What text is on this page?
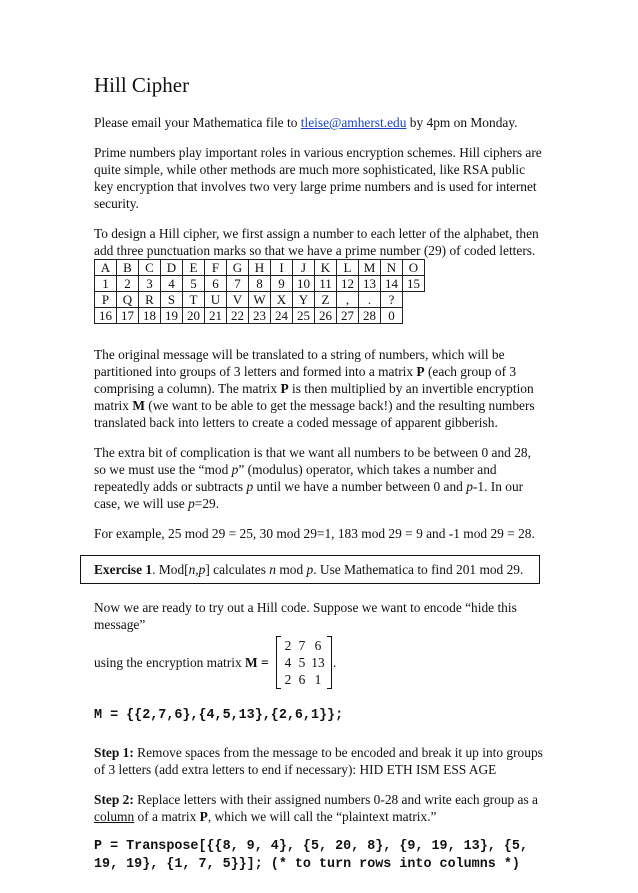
Hill Cipher
Please email your Mathematica file to tleise@amherst.edu by 4pm on Monday.
Prime numbers play important roles in various encryption schemes. Hill ciphers are quite simple, while other methods are much more sophisticated, like RSA public key encryption that involves two very large prime numbers and is used for internet security.
To design a Hill cipher, we first assign a number to each letter of the alphabet, then add three punctuation marks so that we have a prime number (29) of coded letters.
A	B	C	D	E	F	G	H	I	J	K	L	M	N	O
1	2	3	4	5	6	7	8	9	10	11	12	13	14	15
P	Q	R	S	T	U	V	W	X	Y	Z	,	.	?	
16	17	18	19	20	21	22	23	24	25	26	27	28	0	
The original message will be translated to a string of numbers, which will be partitioned into groups of 3 letters and formed into a matrix P (each group of 3 comprising a column). The matrix P is then multiplied by an invertible encryption matrix M (we want to be able to get the message back!) and the resulting numbers translated back into letters to create a coded message of apparent gibberish.
The extra bit of complication is that we want all numbers to be between 0 and 28, so we must use the “mod p” (modulus) operator, which takes a number and repeatedly adds or subtracts p until we have a number between 0 and p-1. In our case, we will use p=29.
For example, 25 mod 29 = 25, 30 mod 29=1, 183 mod 29 = 9 and -1 mod 29 = 28.
Exercise 1. Mod[n,p] calculates n mod p. Use Mathematica to find 201 mod 29.
Now we are ready to try out a Hill code. Suppose we want to encode “hide this message”
using the encryption matrix M =
2 7 6
4 5 13
2 6 1
.
M = {{2,7,6},{4,5,13},{2,6,1}};
Step 1: Remove spaces from the message to be encoded and break it up into groups of 3 letters (add extra letters to end if necessary): HID ETH ISM ESS AGE
Step 2: Replace letters with their assigned numbers 0-28 and write each group as a column of a matrix P, which we will call the “plaintext matrix.”
P = Transpose[{{8, 9, 4}, {5, 20, 8}, {9, 19, 13}, {5, 19, 19}, {1, 7, 5}}]; (* to turn rows into columns *)
